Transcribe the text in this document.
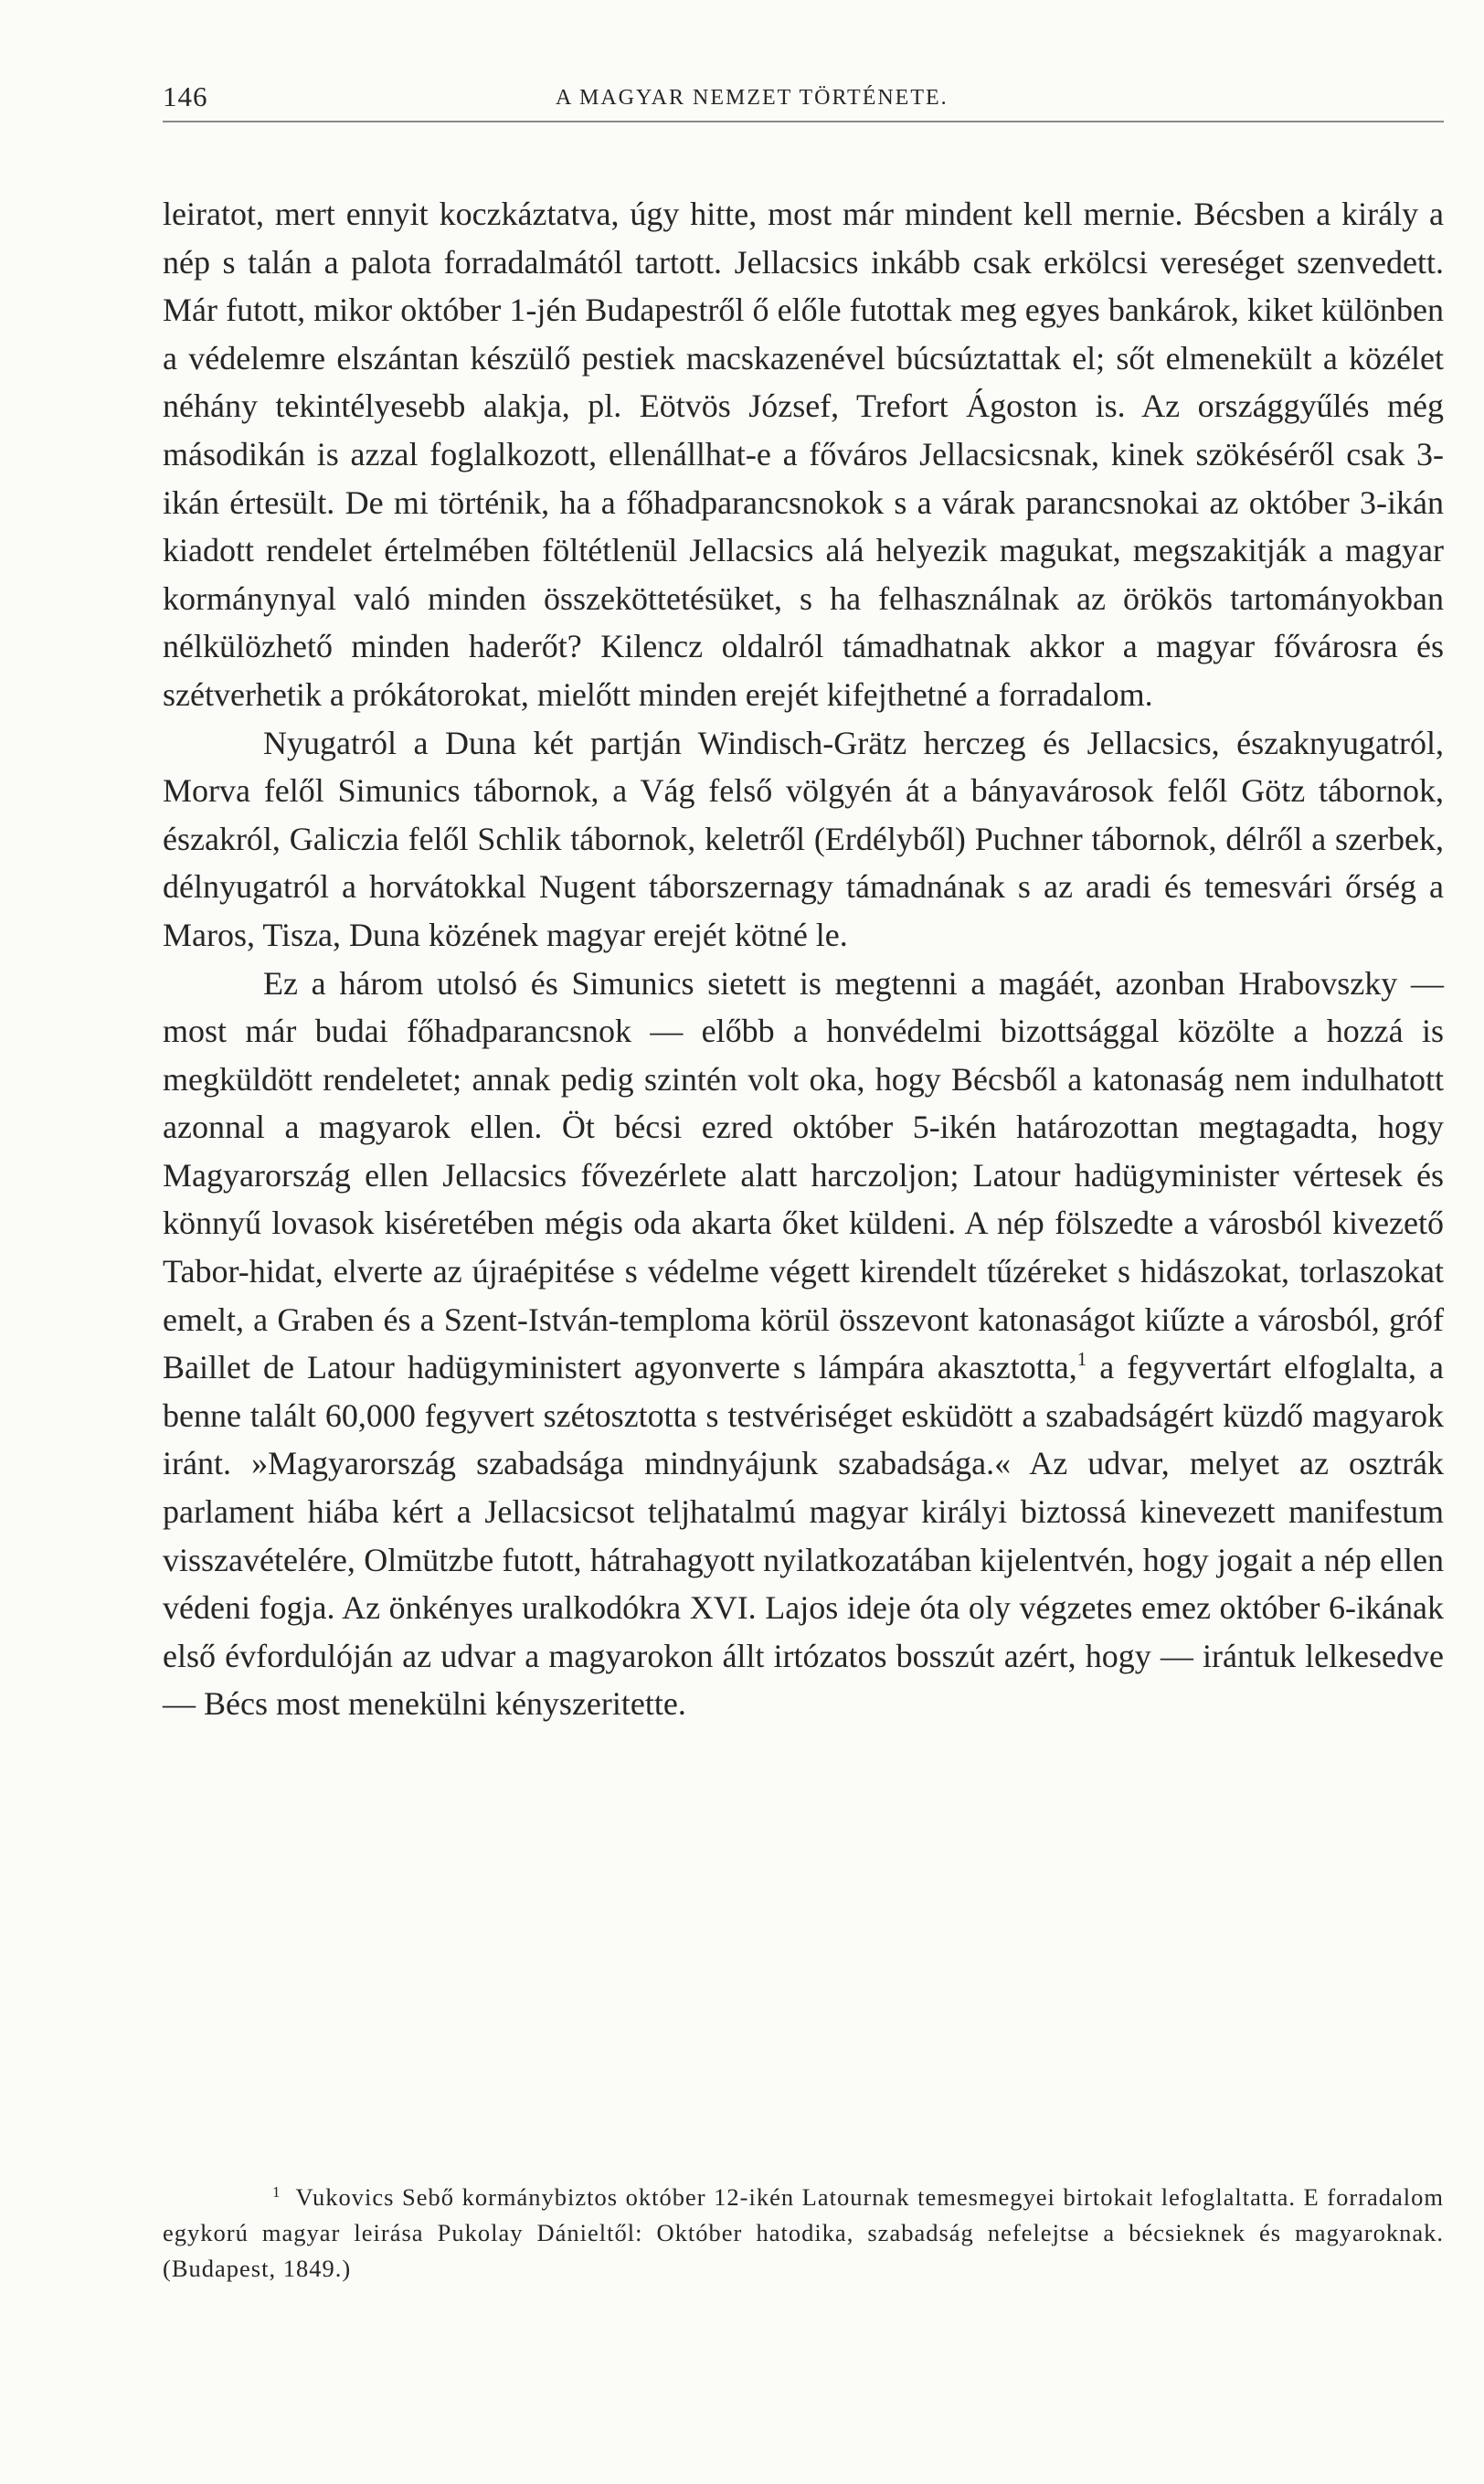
146	A MAGYAR NEMZET TÖRTÉNETE.

leiratot, mert ennyit koczkáztatva, úgy hitte, most már mindent kell mernie. Bécsben a király a nép s talán a palota forradalmától tartott. Jellacsics inkább csak erkölcsi vereséget szenvedett. Már futott, mikor október 1-jén Budapestről ő előle futottak meg egyes bankárok, kiket különben a védelemre elszántan készülő pestiek macskazenével búcsúztattak el; sőt elmenekült a közélet néhány tekintélyesebb alakja, pl. Eötvös József, Trefort Ágoston is. Az országgyűlés még másodikán is azzal foglalkozott, ellenállhat-e a főváros Jellacsicsnak, kinek szökéséről csak 3-ikán értesült. De mi történik, ha a főhadparancsnokok s a várak parancsnokai az október 3-ikán kiadott rendelet értelmében föltétlenül Jellacsics alá helyezik magukat, megszakitják a magyar kormánynyal való minden összeköttetésüket, s ha felhasználnak az örökös tartományokban nélkülözhető minden haderőt? Kilencz oldalról támadhatnak akkor a magyar fővárosra és szétverhetik a prókátorokat, mielőtt minden erejét kifejthetné a forradalom.

Nyugatról a Duna két partján Windisch-Grätz herczeg és Jellacsics, északnyugatról, Morva felől Simunics tábornok, a Vág felső völgyén át a bányavárosok felől Götz tábornok, északról, Galiczia felől Schlik tábornok, keletről (Erdélyből) Puchner tábornok, délről a szerbek, délnyugatról a horvátokkal Nugent táborszernagy támadnának s az aradi és temesvári őrség a Maros, Tisza, Duna közének magyar erejét kötné le.

Ez a három utolsó és Simunics sietett is megtenni a magáét, azonban Hrabovszky — most már budai főhadparancsnok — előbb a honvédelmi bizottsággal közölte a hozzá is megküldött rendeletet; annak pedig szintén volt oka, hogy Bécsből a katonaság nem indulhatott azonnal a magyarok ellen. Öt bécsi ezred október 5-ikén határozottan megtagadta, hogy Magyarország ellen Jellacsics fővezérlete alatt harczoljon; Latour hadügyminister vértesek és könnyű lovasok kiséretében mégis oda akarta őket küldeni. A nép fölszedte a városból kivezető Tabor-hidat, elverte az újraépitése s védelme végett kirendelt tűzéreket s hidászokat, torlaszokat emelt, a Graben és a Szent-István-temploma körül összevont katonaságot kiűzte a városból, gróf Baillet de Latour hadügyministert agyonverte s lámpára akasztotta,$^1$ a fegyvertárt elfoglalta, a benne talált 60,000 fegyvert szétosztotta s testvériséget esküdött a szabadságért küzdő magyarok iránt. »Magyarország szabadsága mindnyájunk szabadsága.« Az udvar, melyet az osztrák parlament hiába kért a Jellacsicsot teljhatalmú magyar királyi biztossá kinevezett manifestum visszavételére, Olmützbe futott, hátrahagyott nyilatkozatában kijelentvén, hogy jogait a nép ellen védeni fogja. Az önkényes uralkodókra XVI. Lajos ideje óta oly végzetes emez október 6-ikának első évfordulóján az udvar a magyarokon állt irtózatos bosszút azért, hogy — irántuk lelkesedve — Bécs most menekülni kényszeritette.

$^1$ Vukovics Sebő kormánybiztos október 12-ikén Latournak temesmegyei birtokait lefoglaltatta. E forradalom egykorú magyar leirása Pukolay Dánieltől: Október hatodika, szabadság nefelejtse a bécsieknek és magyaroknak. (Budapest, 1849.)
